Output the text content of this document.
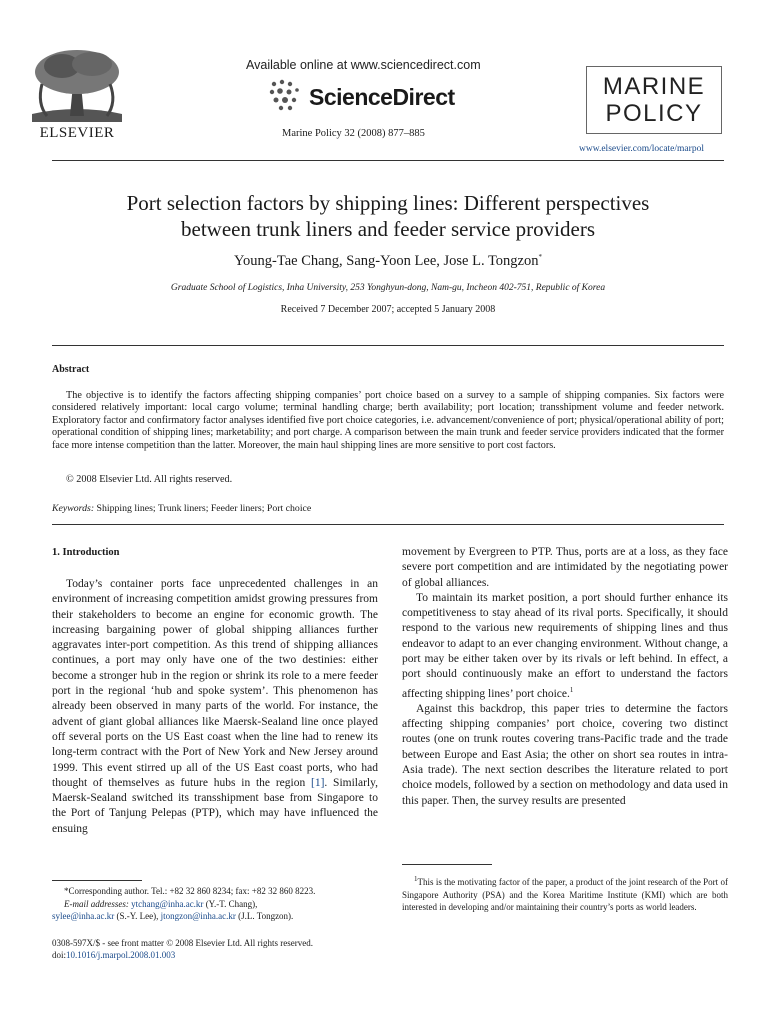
ELSEVIER
Available online at www.sciencedirect.com
ScienceDirect
Marine Policy 32 (2008) 877–885
MARINE
POLICY
www.elsevier.com/locate/marpol
Port selection factors by shipping lines: Different perspectives
between trunk liners and feeder service providers
Young-Tae Chang, Sang-Yoon Lee, Jose L. Tongzon*
Graduate School of Logistics, Inha University, 253 Yonghyun-dong, Nam-gu, Incheon 402-751, Republic of Korea
Received 7 December 2007; accepted 5 January 2008
Abstract
The objective is to identify the factors affecting shipping companies’ port choice based on a survey to a sample of shipping companies. Six factors were considered relatively important: local cargo volume; terminal handling charge; berth availability; port location; transshipment volume and feeder network. Exploratory factor and confirmatory factor analyses identified five port choice categories, i.e. advancement/convenience of port; physical/operational ability of port; operational condition of shipping lines; marketability; and port charge. A comparison between the main trunk and feeder service providers indicated that the former face more intense competition than the latter. Moreover, the main haul shipping lines are more sensitive to port cost factors.
© 2008 Elsevier Ltd. All rights reserved.
Keywords: Shipping lines; Trunk liners; Feeder liners; Port choice
1. Introduction

Today’s container ports face unprecedented challenges in an environment of increasing competition amidst growing pressures from their stakeholders to become an engine for economic growth. The increasing bargaining power of global shipping alliances further aggravates inter-port competition. As this trend of shipping alliances continues, a port may only have one of the two destinies: either become a stronger hub in the region or shrink its role to a mere feeder port in the regional ‘hub and spoke system’. This phenomenon has already been observed in many parts of the world. For instance, the advent of giant global alliances like Maersk-Sealand line once played off several ports on the US East coast when the line had to renew its long-term contract with the Port of New York and New Jersey around 1999. This event stirred up all of the US East coast ports, who had thought of themselves as future hubs in the region [1]. Similarly, Maersk-Sealand switched its transshipment base from Singapore to the Port of Tanjung Pelepas (PTP), which may have influenced the ensuing

movement by Evergreen to PTP. Thus, ports are at a loss, as they face severe port competition and are intimidated by the negotiating power of global alliances.

To maintain its market position, a port should further enhance its competitiveness to stay ahead of its rival ports. Specifically, it should respond to the various new requirements of shipping lines and thus endeavor to adapt to an ever changing environment. Without change, a port may be either taken over by its rivals or left behind. In effect, a port should continuously make an effort to understand the factors affecting shipping lines’ port choice.$^1$

Against this backdrop, this paper tries to determine the factors affecting shipping companies’ port choice, covering two distinct routes (one on trunk routes covering trans-Pacific trade and the trade between Europe and East Asia; the other on short sea routes in intra-Asia trade). The next section describes the literature related to port choice models, followed by a section on methodology and data used in this paper. Then, the survey results are presented

*Corresponding author. Tel.: +82 32 860 8234; fax: +82 32 860 8223.
E-mail addresses: ytchang@inha.ac.kr (Y.-T. Chang),
sylee@inha.ac.kr (S.-Y. Lee), jtongzon@inha.ac.kr (J.L. Tongzon).
0308-597X/$ - see front matter © 2008 Elsevier Ltd. All rights reserved.
doi:10.1016/j.marpol.2008.01.003
$^1$This is the motivating factor of the paper, a product of the joint research of the Port of Singapore Authority (PSA) and the Korea Maritime Institute (KMI) which are both interested in developing and/or maintaining their country’s ports as world leaders.
